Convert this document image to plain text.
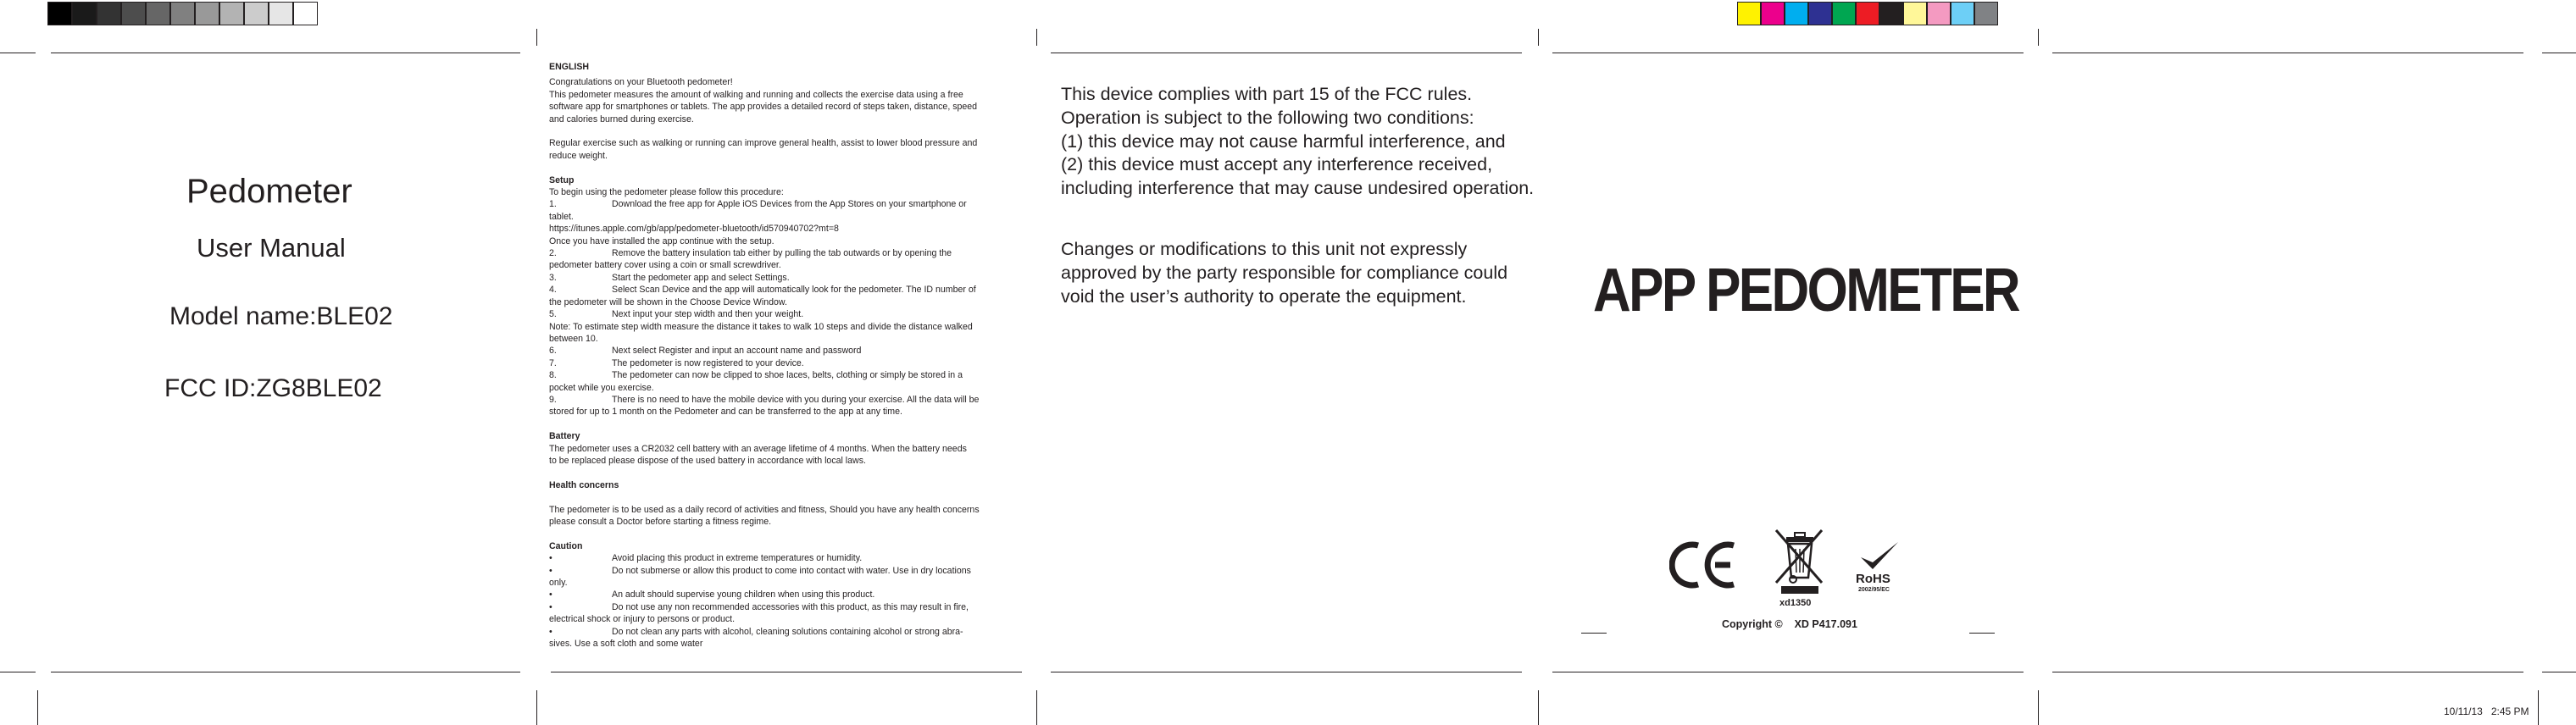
Pedometer
User Manual
Model name:BLE02
FCC ID:ZG8BLE02
ENGLISH
Congratulations on your Bluetooth pedometer!
This pedometer measures the amount of walking and running and collects the exercise data using a free
software app for smartphones or tablets. The app provides a detailed record of steps taken, distance, speed
and calories burned during exercise.
Regular exercise such as walking or running can improve general health, assist to lower blood pressure and
reduce weight.
Setup
To begin using the pedometer please follow this procedure:
1.	Download the free app for Apple iOS Devices from the App Stores on your smartphone or
tablet.
https://itunes.apple.com/gb/app/pedometer-bluetooth/id570940702?mt=8
Once you have installed the app continue with the setup.
2.	Remove the battery insulation tab either by pulling the tab outwards or by opening the
pedometer battery cover using a coin or small screwdriver.
3.	Start the pedometer app and select Settings.
4.	Select Scan Device and the app will automatically look for the pedometer. The ID number of
the pedometer will be shown in the Choose Device Window.
5.	Next input your step width and then your weight.
Note: To estimate step width measure the distance it takes to walk 10 steps and divide the distance walked
between 10.
6.	Next select Register and input an account name and password
7.	The pedometer is now registered to your device.
8.	The pedometer can now be clipped to shoe laces, belts, clothing or simply be stored in a
pocket while you exercise.
9.	There is no need to have the mobile device with you during your exercise. All the data will be
stored for up to 1 month on the Pedometer and can be transferred to the app at any time.
Battery
The pedometer uses a CR2032 cell battery with an average lifetime of 4 months. When the battery needs
to be replaced please dispose of the used battery in accordance with local laws.
Health concerns
The pedometer is to be used as a daily record of activities and fitness, Should you have any health concerns
please consult a Doctor before starting a fitness regime.
Caution
•	Avoid placing this product in extreme temperatures or humidity.
•	Do not submerse or allow this product to come into contact with water. Use in dry locations
only.
•	An adult should supervise young children when using this product.
•	Do not use any non recommended accessories with this product, as this may result in fire,
electrical shock or injury to persons or product.
•	Do not clean any parts with alcohol, cleaning solutions containing alcohol or strong abra-
sives. Use a soft cloth and some water
This device complies with part 15 of the FCC rules.
Operation is subject to the following two conditions:
(1) this device may not cause harmful interference, and
(2) this device must accept any interference received,
including interference that may cause undesired operation.
Changes or modifications to this unit not expressly
approved by the party responsible for compliance could
void the user’s authority to operate the equipment.	APP PEDOMETER
xd1350
RoHS
2002/95/EC
Copyright ©    XD P417.091
10/11/13   2:45 PM
